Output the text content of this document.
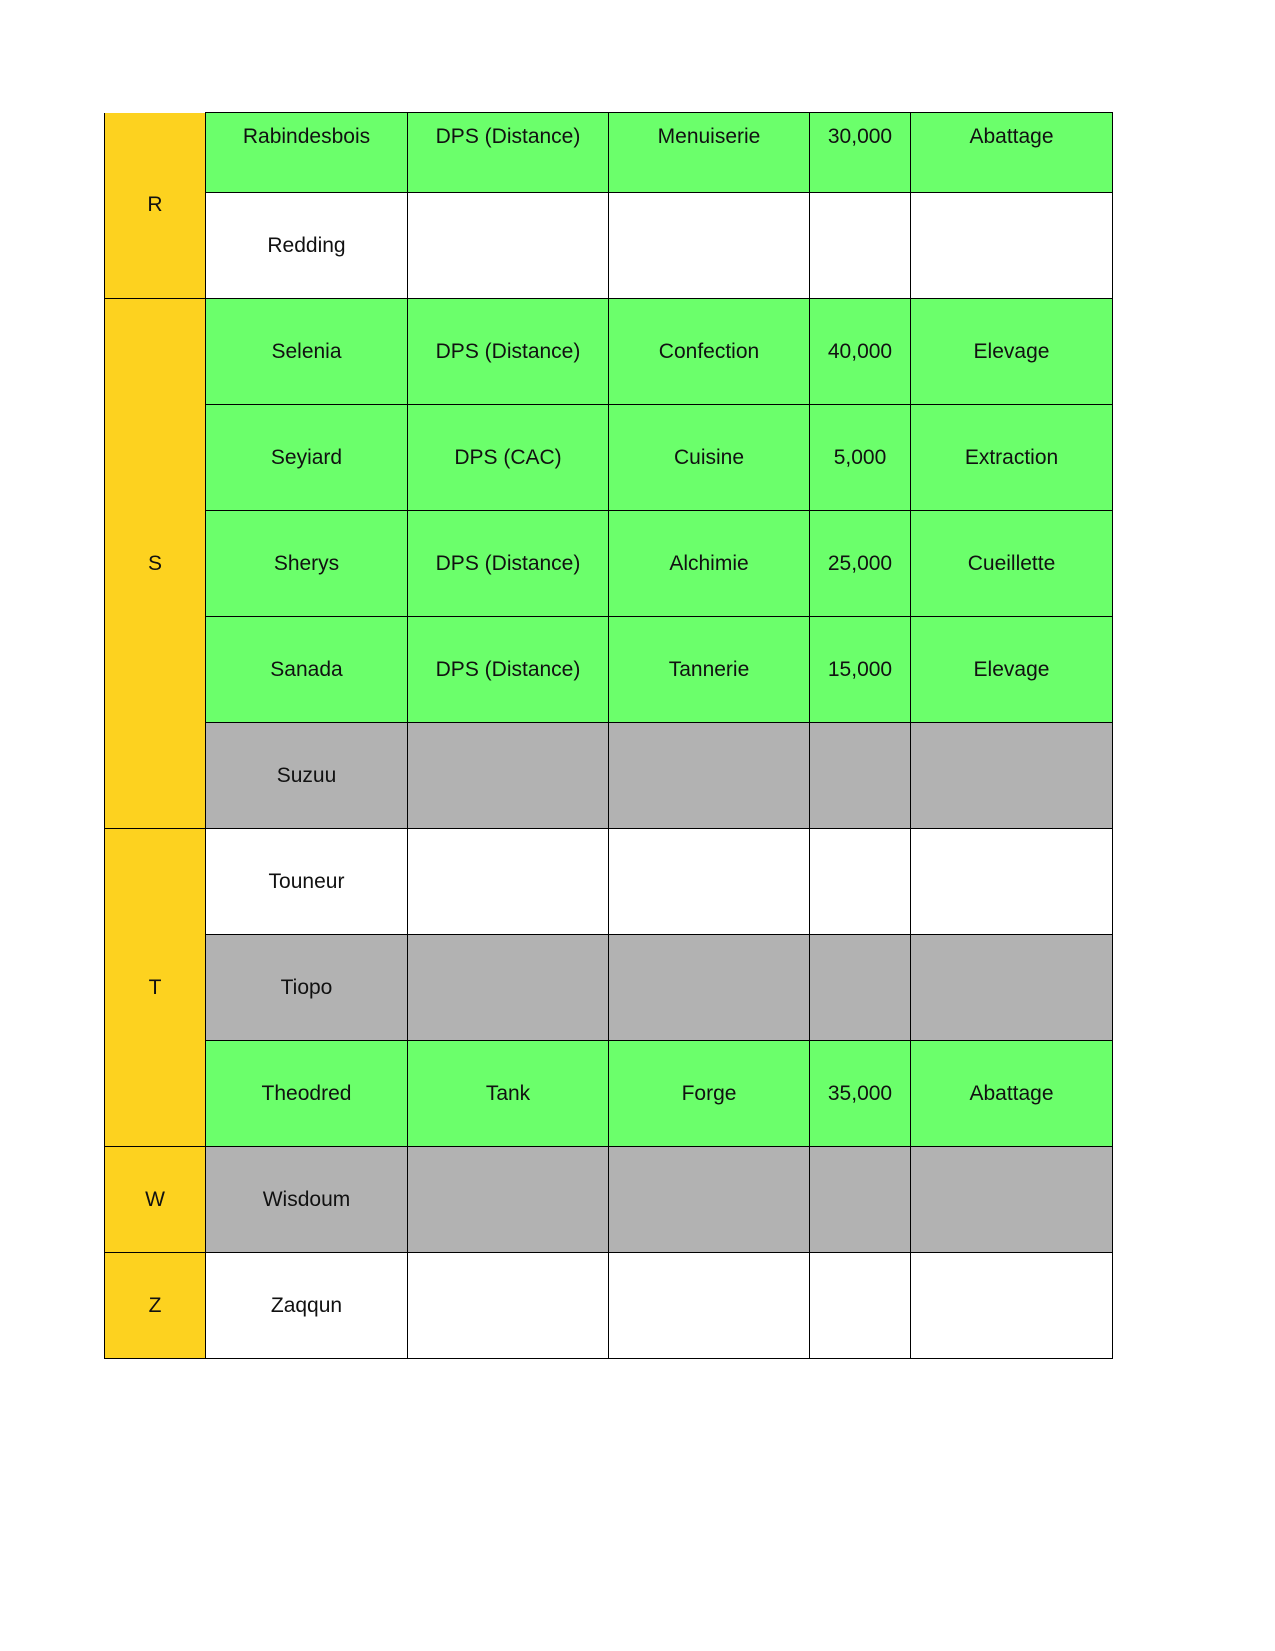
R	Rabindesbois	DPS (Distance)	Menuiserie	30,000	Abattage
	Redding				
S	Selenia	DPS (Distance)	Confection	40,000	Elevage
	Seyiard	DPS (CAC)	Cuisine	5,000	Extraction
	Sherys	DPS (Distance)	Alchimie	25,000	Cueillette
	Sanada	DPS (Distance)	Tannerie	15,000	Elevage
	Suzuu				
T	Touneur				
	Tiopo				
	Theodred	Tank	Forge	35,000	Abattage
W	Wisdoum				
Z	Zaqqun				
